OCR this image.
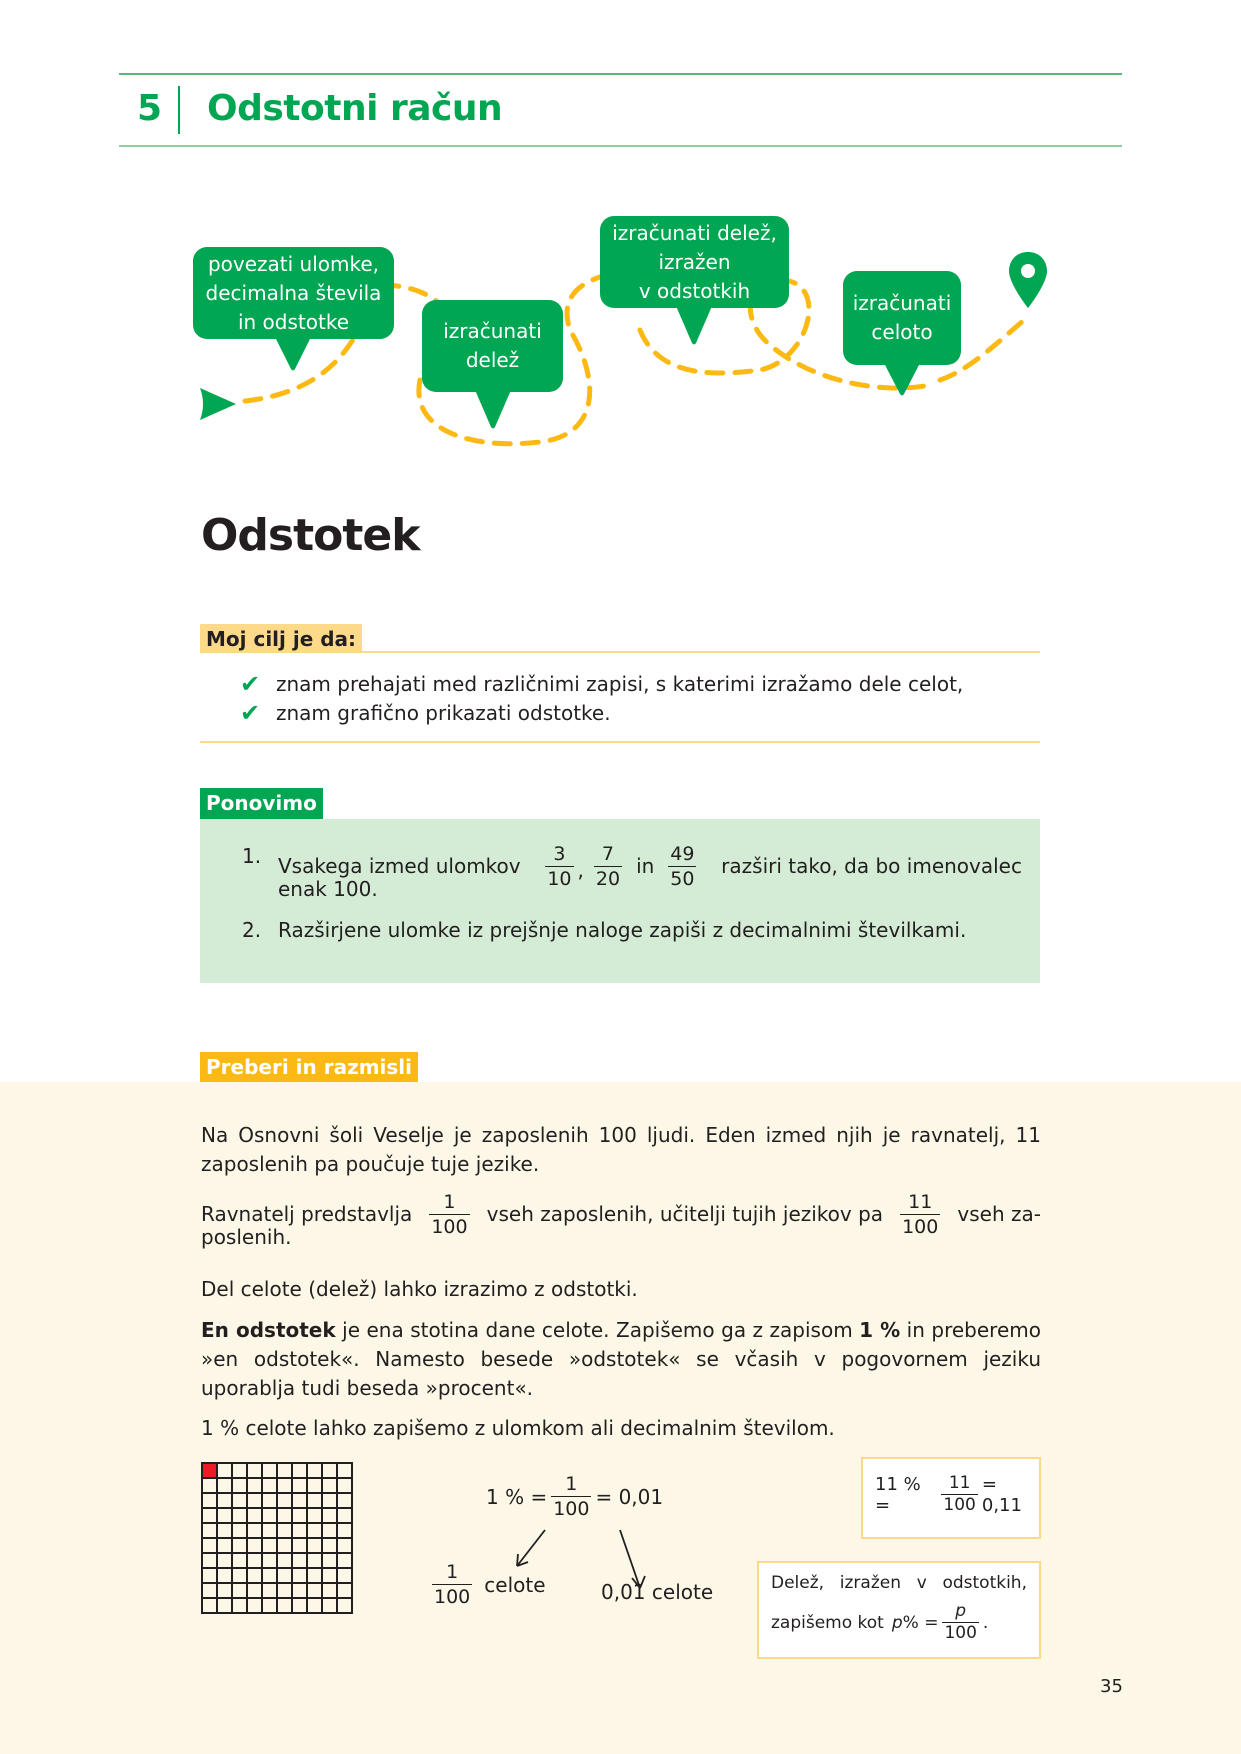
5 Odstotni račun
povezati ulomke,
decimalna števila
in odstotke	izračunati
delež
izračunati delež,
izražen
v odstotkih
izračunati
celoto
Odstotek
Moj cilj je da:
✔ znam prehajati med različnimi zapisi, s katerimi izražamo dele celot,
✔ znam grafično prikazati odstotke.
Ponovimo
1. Vsakega izmed ulomkov $\frac{3}{10}$ , $\frac{7}{20}$ in $\frac{49}{50}$ razširi tako, da bo imenovalec
enak 100.
2. Razširjene ulomke iz prejšnje naloge zapiši z decimalnimi številkami.
Preberi in razmisli
Na Osnovni šoli Veselje je zaposlenih 100 ljudi. Eden izmed njih je ravnatelj, 11 zaposlenih pa poučuje tuje jezike.
Ravnatelj predstavlja $\frac{1}{100}$ vseh zaposlenih, učitelji tujih jezikov pa $\frac{11}{100}$ vseh za-
poslenih.
Del celote (delež) lahko izrazimo z odstotki.
En odstotek je ena stotina dane celote. Zapišemo ga z zapisom 1 % in preberemo »en odstotek«. Namesto besede »odstotek« se včasih v pogovornem jeziku uporablja tudi beseda »procent«.
1 % celote lahko zapišemo z ulomkom ali decimalnim številom.
1 % = $\frac{1}{100} = 0,01$
$\frac{1}{100}$ celote	0,01 celote
11 % =	$\frac{11}{100} = 0,11$
Delež, izražen v odstotkih,
zapišemo kot p % = $\frac{p}{100}$ .
35
